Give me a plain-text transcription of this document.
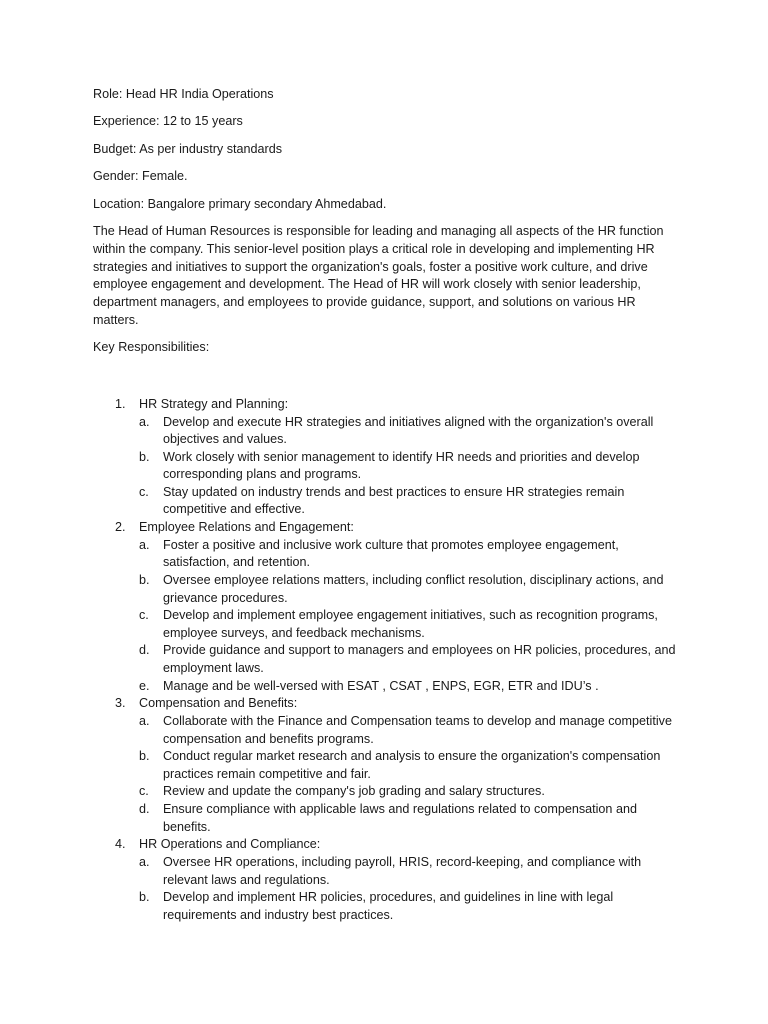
Role: Head HR India Operations

Experience: 12 to 15 years

Budget: As per industry standards

Gender: Female.

Location: Bangalore primary secondary Ahmedabad.

The Head of Human Resources is responsible for leading and managing all aspects of the HR function within the company. This senior-level position plays a critical role in developing and implementing HR strategies and initiatives to support the organization's goals, foster a positive work culture, and drive employee engagement and development. The Head of HR will work closely with senior leadership, department managers, and employees to provide guidance, support, and solutions on various HR matters.

Key Responsibilities:

1. HR Strategy and Planning:
a. Develop and execute HR strategies and initiatives aligned with the organization's overall objectives and values.
b. Work closely with senior management to identify HR needs and priorities and develop corresponding plans and programs.
c. Stay updated on industry trends and best practices to ensure HR strategies remain competitive and effective.
2. Employee Relations and Engagement:
a. Foster a positive and inclusive work culture that promotes employee engagement, satisfaction, and retention.
b. Oversee employee relations matters, including conflict resolution, disciplinary actions, and grievance procedures.
c. Develop and implement employee engagement initiatives, such as recognition programs, employee surveys, and feedback mechanisms.
d. Provide guidance and support to managers and employees on HR policies, procedures, and employment laws.
e. Manage and be well-versed with ESAT , CSAT , ENPS, EGR, ETR and IDU’s .
3. Compensation and Benefits:
a. Collaborate with the Finance and Compensation teams to develop and manage competitive compensation and benefits programs.
b. Conduct regular market research and analysis to ensure the organization's compensation practices remain competitive and fair.
c. Review and update the company's job grading and salary structures.
d. Ensure compliance with applicable laws and regulations related to compensation and benefits.
4. HR Operations and Compliance:
a. Oversee HR operations, including payroll, HRIS, record-keeping, and compliance with relevant laws and regulations.
b. Develop and implement HR policies, procedures, and guidelines in line with legal requirements and industry best practices.
